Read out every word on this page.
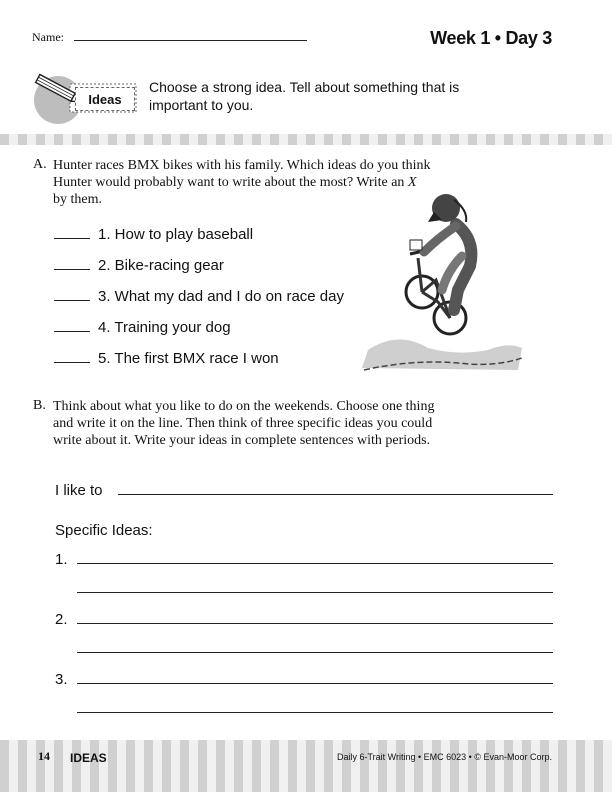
Name:	Week 1 • Day 3
Ideas
Choose a strong idea. Tell about something that is important to you.
A. Hunter races BMX bikes with his family. Which ideas do you think Hunter would probably want to write about the most? Write an X by them.
1. How to play baseball
2. Bike-racing gear
3. What my dad and I do on race day
4. Training your dog
5. The first BMX race I won
B. Think about what you like to do on the weekends. Choose one thing and write it on the line. Then think of three specific ideas you could write about it. Write your ideas in complete sentences with periods.
I like to
Specific Ideas:
1.
2.
3.
14 IDEAS	Daily 6-Trait Writing • EMC 6023 • © Evan-Moor Corp.
